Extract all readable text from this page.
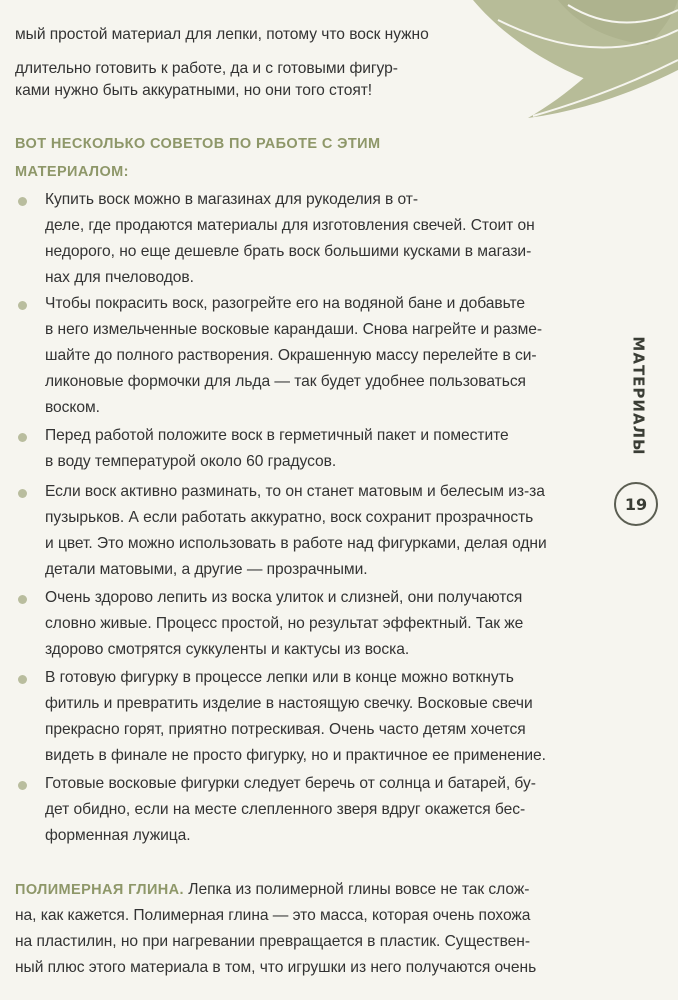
мый простой материал для лепки, потому что воск нужно
длительно готовить к работе, да и с готовыми фигур-
ками нужно быть аккуратными, но они того стоят!
ВОТ НЕСКОЛЬКО СОВЕТОВ ПО РАБОТЕ С ЭТИМ
МАТЕРИАЛОМ:
Купить воск можно в магазинах для рукоделия в от-
деле, где продаются материалы для изготовления свечей. Стоит он
недорого, но еще дешевле брать воск большими кусками в магази-
нах для пчеловодов.
Чтобы покрасить воск, разогрейте его на водяной бане и добавьте
в него измельченные восковые карандаши. Снова нагрейте и разме-
шайте до полного растворения. Окрашенную массу перелейте в си-
ликоновые формочки для льда — так будет удобнее пользоваться
воском.
Перед работой положите воск в герметичный пакет и поместите
в воду температурой около 60 градусов.
Если воск активно разминать, то он станет матовым и белесым из-за
пузырьков. А если работать аккуратно, воск сохранит прозрачность
и цвет. Это можно использовать в работе над фигурками, делая одни
детали матовыми, а другие — прозрачными.
Очень здорово лепить из воска улиток и слизней, они получаются
словно живые. Процесс простой, но результат эффектный. Так же
здорово смотрятся суккуленты и кактусы из воска.
В готовую фигурку в процессе лепки или в конце можно воткнуть
фитиль и превратить изделие в настоящую свечку. Восковые свечи
прекрасно горят, приятно потрескивая. Очень часто детям хочется
видеть в финале не просто фигурку, но и практичное ее применение.
Готовые восковые фигурки следует беречь от солнца и батарей, бу-
дет обидно, если на месте слепленного зверя вдруг окажется бес-
форменная лужица.
ПОЛИМЕРНАЯ ГЛИНА. Лепка из полимерной глины вовсе не так слож-
на, как кажется. Полимерная глина — это масса, которая очень похожа
на пластилин, но при нагревании превращается в пластик. Существен-
ный плюс этого материала в том, что игрушки из него получаются очень
МАТЕРИАЛЫ
19
